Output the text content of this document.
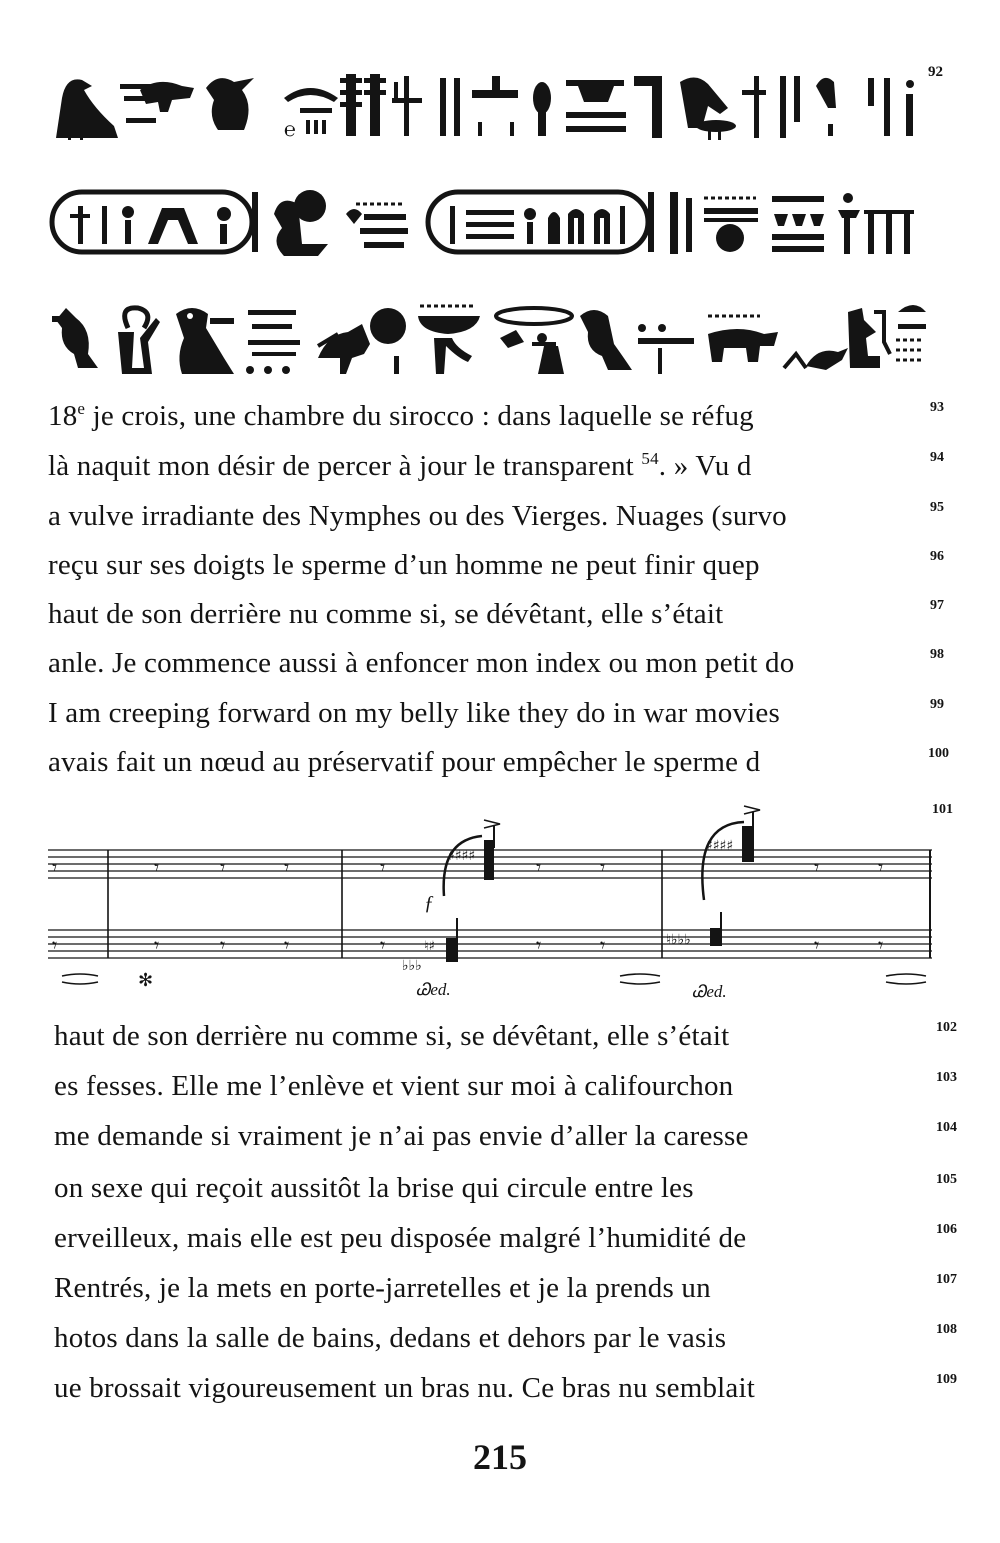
℮
92
18e je crois, une chambre du sirocco : dans laquelle se réfug	93
là naquit mon désir de percer à jour le transparent $^{54}$. » Vu d	94
a vulve irradiante des Nymphes ou des Vierges. Nuages (survo	95
reçu sur ses doigts le sperme d’un homme ne peut finir quep	96
haut de son derrière nu comme si, se dévêtant, elle s’était	97
anle. Je commence aussi à enfoncer mon index ou mon petit do	98
I am creeping forward on my belly like they do in war movies	99
avais fait un nœud au préservatif pour empêcher le sperme d	100
𝄾	𝄾	𝄾	𝄾	𝄾	𝄾	𝄾	𝄾	𝄾
𝄾	𝄾	𝄾	𝄾	𝄾	𝄾	𝄾	𝄾	𝄾
♯♯♯♯
♭♭♭
♮♯
♯♯♯♯
♮♭♭♭
101
ƒ
✻	Ꮚed.	Ꮚed.
haut de son derrière nu comme si, se dévêtant, elle s’était	102
es fesses. Elle me l’enlève et vient sur moi à califourchon	103
me demande si vraiment je n’ai pas envie d’aller la caresse	104
on sexe qui reçoit aussitôt la brise qui circule entre les	105
erveilleux, mais elle est peu disposée malgré l’humidité de	106
Rentrés, je la mets en porte-jarretelles et je la prends un	107
hotos dans la salle de bains, dedans et dehors par le vasis	108
ue brossait vigoureusement un bras nu. Ce bras nu semblait	109
215
